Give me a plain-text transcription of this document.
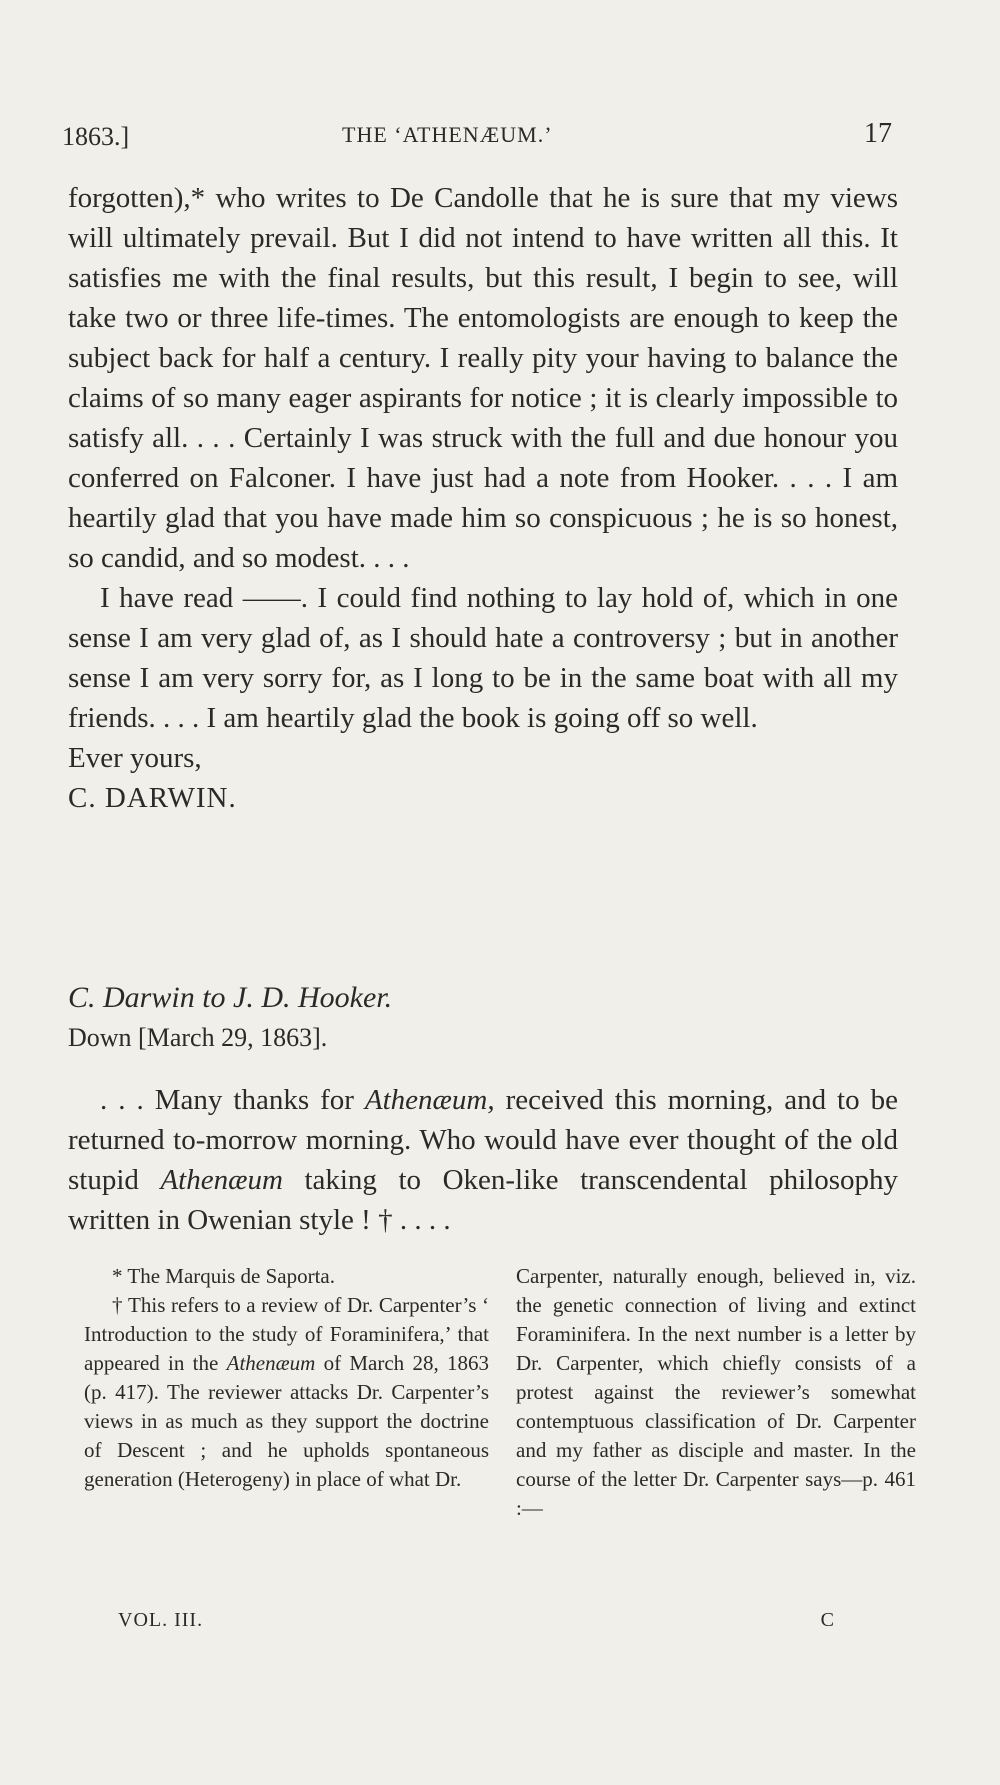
1863.]	THE ‘ATHENÆUM.’	17

forgotten),* who writes to De Candolle that he is sure that my views will ultimately prevail. But I did not intend to have written all this. It satisfies me with the final results, but this result, I begin to see, will take two or three life-times. The entomologists are enough to keep the subject back for half a century. I really pity your having to balance the claims of so many eager aspirants for notice ; it is clearly impossible to satisfy all. . . . Certainly I was struck with the full and due honour you conferred on Falconer. I have just had a note from Hooker. . . . I am heartily glad that you have made him so conspicuous ; he is so honest, so candid, and so modest. . . .

I have read ——. I could find nothing to lay hold of, which in one sense I am very glad of, as I should hate a controversy ; but in another sense I am very sorry for, as I long to be in the same boat with all my friends. . . . I am heartily glad the book is going off so well.

Ever yours,

C. DARWIN.

C. Darwin to J. D. Hooker.

Down [March 29, 1863].

. . . Many thanks for Athenæum, received this morning, and to be returned to-morrow morning. Who would have ever thought of the old stupid Athenæum taking to Oken-like transcendental philosophy written in Owenian style ! † . . . .

* The Marquis de Saporta.

† This refers to a review of Dr. Carpenter’s ‘ Introduction to the study of Foraminifera,’ that appeared in the Athenæum of March 28, 1863 (p. 417). The reviewer attacks Dr. Carpenter’s views in as much as they support the doctrine of Descent ; and he upholds spontaneous generation (Heterogeny) in place of what Dr.

Carpenter, naturally enough, believed in, viz. the genetic connection of living and extinct Foraminifera. In the next number is a letter by Dr. Carpenter, which chiefly consists of a protest against the reviewer’s somewhat contemptuous classification of Dr. Carpenter and my father as disciple and master. In the course of the letter Dr. Carpenter says—p. 461 :—

VOL. III.	C
